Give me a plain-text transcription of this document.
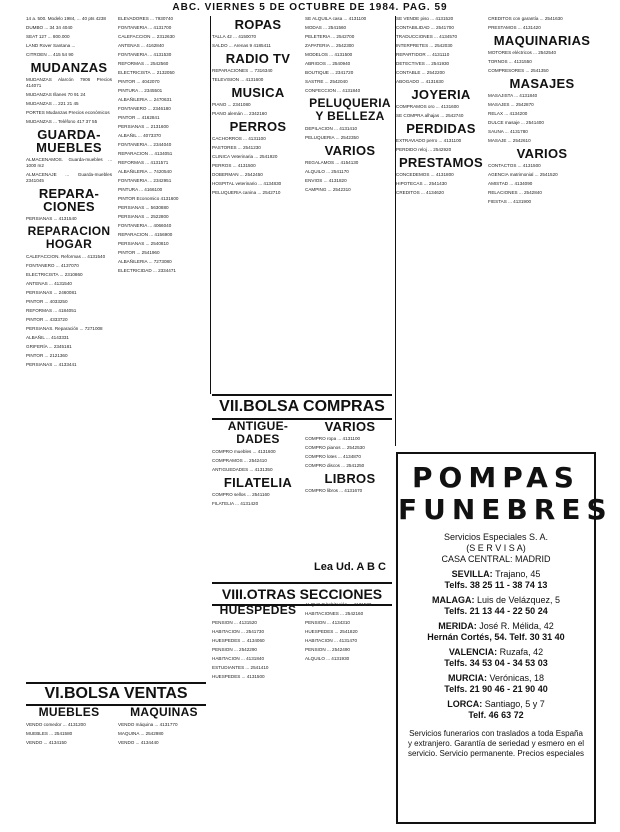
ABC. VIERNES 5 DE OCTUBRE DE 1984. PAG. 59
14 a. 500. Modelo 1984, ... 40 pts 4238
DUMBO ... 34 34 4040
SEAT 127 ... 800.000
LAND Rover Santana ...
CITROEN ... 415 54 90
MUDANZAS
MUDANZAS Alarcón 7906 Precios 414071
MUDANZAS Illanes 70 91 24
MUDANZAS ... 221 21 45
PORTES Mudanzas Precios económicos
MUDANZAS ... Teléfono 417 37 55
GUARDA-MUEBLES
ALMACENAMOS. Guarda-muebles ... 1000 m2
ALMACENAJE ... Guarda-muebles 2341045
REPARA-CIONES
PERSIANAS ... 4131540
REPARACION HOGAR
CALEFACCION. Reformas ... 4131540
FONTANERO ... 4137070
ELECTRICISTA ... 2310860
ANTENAS ... 4131540
PERSIANAS ... 2460081
PINTOR ... 4033250
REFORMAS ... 4184051
PINTOR ... 4333720
PERSIANAS. Reparación ... 7271008
ALBAÑIL ... 4143331
GRIFERÍA ... 2345181
PINTOR ... 2121360
PERSIANAS ... 4133441
ELEVADORES ... 7930740
FONTANERIA ... 4131700
CALEFACCION ... 2312630
ANTENAS ... 4162840
FONTANERIA ... 4131530
REFORMAS ... 2542560
ELECTRICISTA ... 2132050
PINTOR ... 4042070
PINTURA ... 2345501
ALBAÑILERIA ... 2470631
FONTANERO ... 2346180
PINTOR ... 4162841
PERSIANAS ... 2131600
ALBAÑIL ... 4073370
FONTANERIA ... 2344040
REPARACION ... 4134051
REFORMAS ... 4131571
ALBAÑILERIA ... 7420540
FONTANERIA ... 2342951
PINTURA ... 4166100
PINTOR Economico 4131600
PERSIANAS ... 5630880
PERSIANAS ... 2522800
FONTANERIA ... 4066040
REPARACION ... 4156900
PERSIANAS ... 2540810
PINTOR ... 2541960
ALBAÑILERIA ... 7273080
ELECTRICIDAD ... 2334471
ROPAS
TALLA 42 ... 4150070
SALDO ... Arenas 9 4185411
RADIO TV
REPARACIONES ... 7316340
TELEVISION ... 4131600
MUSICA
PIANO ... 2341080
PIANO alemán ... 2342160
PERROS
CACHORROS ... 4131100
PASTORES ... 2541230
CLINICA Veterinaria ... 2541920
PERROS ... 4131500
DOBERMAN ... 2542450
HOSPITAL veterinario ... 4134830
PELUQUERIA canina ... 2542710
SE ALQUILA casa ... 4131100
MODAS ... 2541560
PELETERIA ... 2542700
ZAPATERIA ... 2542300
MODELOS ... 4131500
ABRIGOS ... 2540940
BOUTIQUE ... 2341720
SASTRE ... 2542040
CONFECCION ... 4131840
PELUQUERIA Y BELLEZA
DEPILACION ... 4131410
PELUQUERIA ... 2542350
VARIOS
REGALAMOS ... 4154130
ALQUILO ... 2541170
ENVIOS ... 4131820
CAMPING ... 2542310
SE VENDE piso ... 4131520
CONTABILIDAD ... 2541700
TRADUCCIONES ... 4134570
INTERPRETES ... 2542030
REPARTIDOR ... 4131110
DETECTIVES ... 2541930
CONTABLE ... 2542200
ABOGADO ... 4131630
JOYERIA
COMPRAMOS oro ... 4131600
SE COMPRA alhajas ... 2542740
PERDIDAS
EXTRAVIADO perro ... 4131100
PERDIDO reloj ... 2542920
PRESTAMOS
CONCEDEMOS ... 4131800
HIPOTECAS ... 2541430
CREDITOS ... 4134620
CREDITOS con garantía ... 2541630
PRESTAMOS ... 4131420
MAQUINARIAS
MOTORES eléctricos ... 2542540
TORNOS ... 4131550
COMPRESORES ... 2541350
MASAJES
MASAJISTA ... 4131840
MASAJES ... 2542870
RELAX ... 4134200
DULCE masaje ... 2541400
SAUNA ... 4131780
MASAJE ... 2542610
VARIOS
CONTACTOS ... 4131500
AGENCIA matrimonial ... 2541520
AMISTAD ... 4134090
RELACIONES ... 2542840
FIESTAS ... 4131900
VII.BOLSA COMPRAS
ANTIGUE-DADES
COMPRO muebles ... 4131600
COMPRAMOS ... 2542410
ANTIGUEDADES ... 4131350
FILATELIA
COMPRO sellos ... 2541160
FILATELIA ... 4131420
VARIOS
COMPRO ropa ... 4131100
COMPRO pianos ... 2542530
COMPRO lotes ... 4134870
COMPRO discos ... 2541250
LIBROS
COMPRO libros ... 4131670
Lea Ud. A B C
VIII.OTRAS SECCIONES
HUESPEDES
PENSION ... 4131520
HABITACION ... 2541730
HUESPEDES ... 4134060
PENSION ... 2542290
HABITACION ... 4131840
ESTUDIANTES ... 2541410
HUESPEDES ... 4131500
ALQUILO habitación ... 4131570
HABITACIONES ... 2542160
PENSION ... 4134310
HUESPEDES ... 2541820
HABITACION ... 4131470
PENSION ... 2542490
ALQUILO ... 4131930
VI.BOLSA VENTAS
MUEBLES
VENDO comedor ... 4131200
MUEBLES ... 2541580
VENDO ... 4134150
MAQUINAS
VENDO máquina ... 4131770
MAQUINA ... 2542980
VENDO ... 4134440
POMPAS
FUNEBRES
Servicios Especiales S. A.
(S E R V I S A)
CASA CENTRAL: MADRID
SEVILLA: Trajano, 45
Telfs. 38 25 11 - 38 74 13
MALAGA: Luis de Velázquez, 5
Telfs. 21 13 44 - 22 50 24
MERIDA: José R. Mélida, 42
Hernán Cortés, 54. Telf. 30 31 40
VALENCIA: Ruzafa, 42
Telfs. 34 53 04 - 34 53 03
MURCIA: Verónicas, 18
Telfs. 21 90 46 - 21 90 40
LORCA: Santiago, 5 y 7
Telf. 46 63 72
Servicios funerarios con traslados a toda España y extranjero. Garantía de seriedad y esmero en el servicio. Servicio permanente. Precios especiales
